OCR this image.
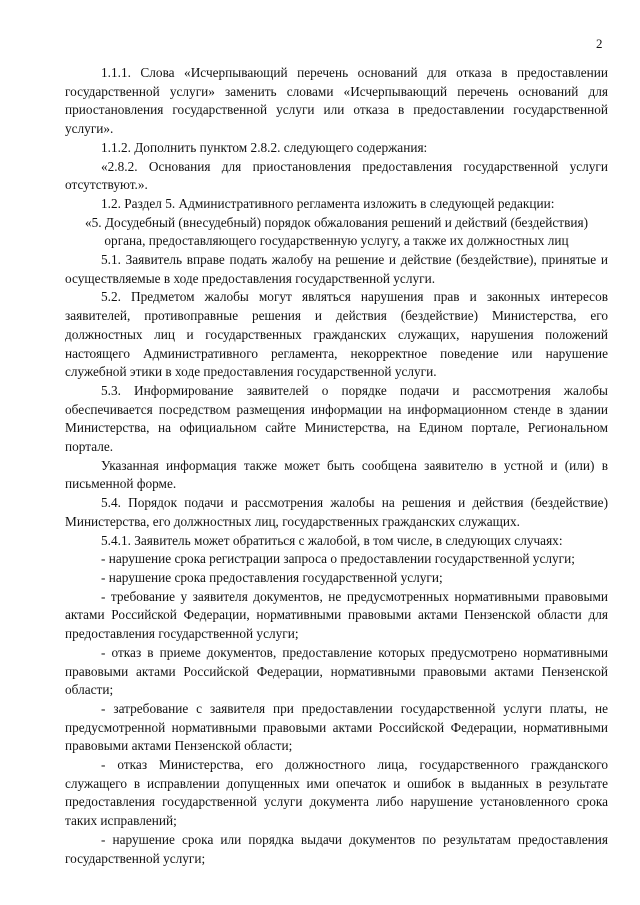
2
1.1.1. Слова «Исчерпывающий перечень оснований для отказа в предоставлении государственной услуги» заменить словами «Исчерпывающий перечень оснований для приостановления государственной услуги или отказа в предоставлении государственной услуги».
1.1.2. Дополнить пунктом 2.8.2. следующего содержания:
«2.8.2. Основания для приостановления предоставления государственной услуги отсутствуют.».
1.2. Раздел 5. Административного регламента изложить в следующей редакции:
«5. Досудебный (внесудебный) порядок обжалования решений и действий (бездействия) органа, предоставляющего государственную услугу, а также их должностных лиц
5.1. Заявитель вправе подать жалобу на решение и действие (бездействие), принятые и осуществляемые в ходе предоставления государственной услуги.
5.2. Предметом жалобы могут являться нарушения прав и законных интересов заявителей, противоправные решения и действия (бездействие) Министерства, его должностных лиц и государственных гражданских служащих, нарушения положений настоящего Административного регламента, некорректное поведение или нарушение служебной этики в ходе предоставления государственной услуги.
5.3. Информирование заявителей о порядке подачи и рассмотрения жалобы обеспечивается посредством размещения информации на информационном стенде в здании Министерства, на официальном сайте Министерства, на Едином портале, Региональном портале.
Указанная информация также может быть сообщена заявителю в устной и (или) в письменной форме.
5.4. Порядок подачи и рассмотрения жалобы на решения и действия (бездействие) Министерства, его должностных лиц, государственных гражданских служащих.
5.4.1. Заявитель может обратиться с жалобой, в том числе, в следующих случаях:
- нарушение срока регистрации запроса о предоставлении государственной услуги;
- нарушение срока предоставления государственной услуги;
- требование у заявителя документов, не предусмотренных нормативными правовыми актами Российской Федерации, нормативными правовыми актами Пензенской области для предоставления государственной услуги;
- отказ в приеме документов, предоставление которых предусмотрено нормативными правовыми актами Российской Федерации, нормативными правовыми актами Пензенской области;
- затребование с заявителя при предоставлении государственной услуги платы, не предусмотренной нормативными правовыми актами Российской Федерации, нормативными правовыми актами Пензенской области;
- отказ Министерства, его должностного лица, государственного гражданского служащего в исправлении допущенных ими опечаток и ошибок в выданных в результате предоставления государственной услуги документа либо нарушение установленного срока таких исправлений;
- нарушение срока или порядка выдачи документов по результатам предоставления государственной услуги;
